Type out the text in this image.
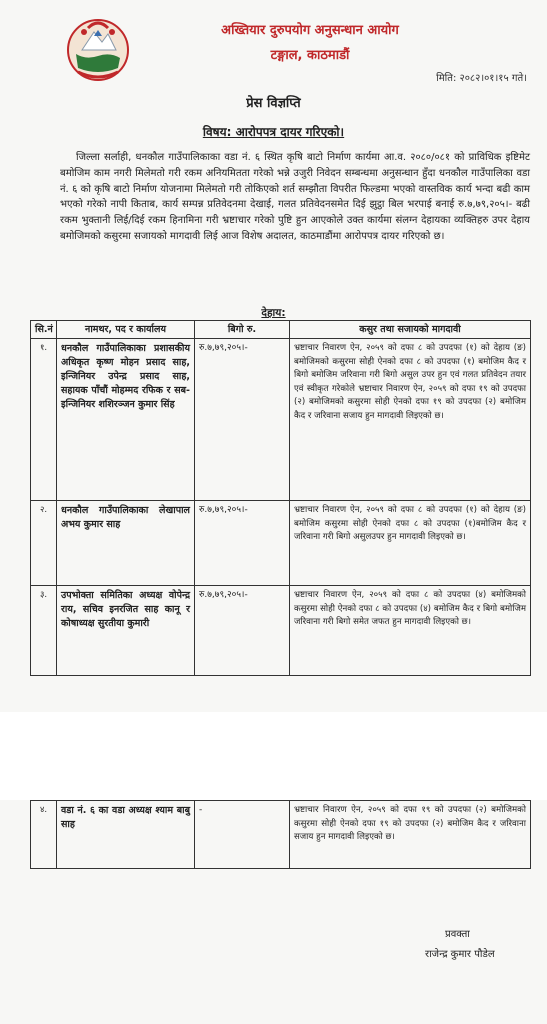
अख्तियार दुरुपयोग अनुसन्धान आयोग
टङ्गाल, काठमाडौं
मिति: २०८२।०१।१५ गते।
प्रेस विज्ञप्ति
विषय: आरोपपत्र दायर गरिएको।
जिल्ला सर्लाही, धनकौल गाउँपालिकाका वडा नं. ६ स्थित कृषि बाटो निर्माण कार्यमा आ.व. २०८०/०८१ को प्राविधिक इष्टिमेट बमोजिम काम नगरी मिलेमतो गरी रकम अनियमितता गरेको भन्ने उजुरी निवेदन सम्बन्धमा अनुसन्धान हुँदा धनकौल गाउँपालिका वडा नं. ६ को कृषि बाटो निर्माण योजनामा मिलेमतो गरी तोकिएको शर्त सम्झौता विपरीत फिल्डमा भएको वास्तविक कार्य भन्दा बढी काम भएको गरेको नापी किताब, कार्य सम्पन्न प्रतिवेदनमा देखाई, गलत प्रतिवेदनसमेत दिई झुट्ठा बिल भरपाई बनाई रु.७,७९,२०५।- बढी रकम भुक्तानी लिई/दिई रकम हिनामिना गरी भ्रष्टाचार गरेको पुष्टि हुन आएकोले उक्त कार्यमा संलग्न देहायका व्यक्तिहरु उपर देहाय बमोजिमको कसुरमा सजायको मागदावी लिई आज विशेष अदालत, काठमाडौंमा आरोपपत्र दायर गरिएको छ।
देहाय:
सि.नं	नामथर, पद र कार्यालय	बिगो रु.	कसुर तथा सजायको मागदावी
१.	धनकौल गाउँपालिकाका प्रशासकीय अधिकृत कृष्ण मोहन प्रसाद साह, इन्जिनियर उपेन्द्र प्रसाद साह, सहायक पाँचौं मोहम्मद रफिक र सब-इन्जिनियर शशिरञ्जन कुमार सिंह	रु.७,७९,२०५।-	भ्रष्टाचार निवारण ऐन, २०५९ को दफा ८ को उपदफा (१) को देहाय (ङ) बमोजिमको कसुरमा सोही ऐनको दफा ८ को उपदफा (१) बमोजिम कैद र बिगो बमोजिम जरिवाना गरी बिगो असुल उपर हुन एवं गलत प्रतिवेदन तयार एवं स्वीकृत गरेकोले भ्रष्टाचार निवारण ऐन, २०५९ को दफा १९ को उपदफा (२) बमोजिमको कसुरमा सोही ऐनको दफा १९ को उपदफा (२) बमोजिम कैद र जरिवाना सजाय हुन मागदावी लिइएको छ।
२.	धनकौल गाउँपालिकाका लेखापाल अभय कुमार साह	रु.७,७९,२०५।-	भ्रष्टाचार निवारण ऐन, २०५९ को दफा ८ को उपदफा (१) को देहाय (ङ) बमोजिम कसुरमा सोही ऐनको दफा ८ को उपदफा (१)बमोजिम कैद र जरिवाना गरी बिगो असुलउपर हुन मागदावी लिइएको छ।
३.	उपभोक्ता समितिका अध्यक्ष वोपेन्द्र राय, सचिव इनरजित साह कानू र कोषाध्यक्ष सुरतीया कुमारी	रु.७,७९,२०५।-	भ्रष्टाचार निवारण ऐन, २०५९ को दफा ८ को उपदफा (४) बमोजिमको कसुरमा सोही ऐनको दफा ८ को उपदफा (४) बमोजिम कैद र बिगो बमोजिम जरिवाना गरी बिगो समेत जफत हुन मागदावी लिइएको छ।
४.	वडा नं. ६ का वडा अध्यक्ष श्याम बाबु साह	-	भ्रष्टाचार निवारण ऐन, २०५९ को दफा १९ को उपदफा (२) बमोजिमको कसुरमा सोही ऐनको दफा १९ को उपदफा (२) बमोजिम कैद र जरिवाना सजाय हुन मागदावी लिइएको छ।
प्रवक्ता
राजेन्द्र कुमार पौडेल
